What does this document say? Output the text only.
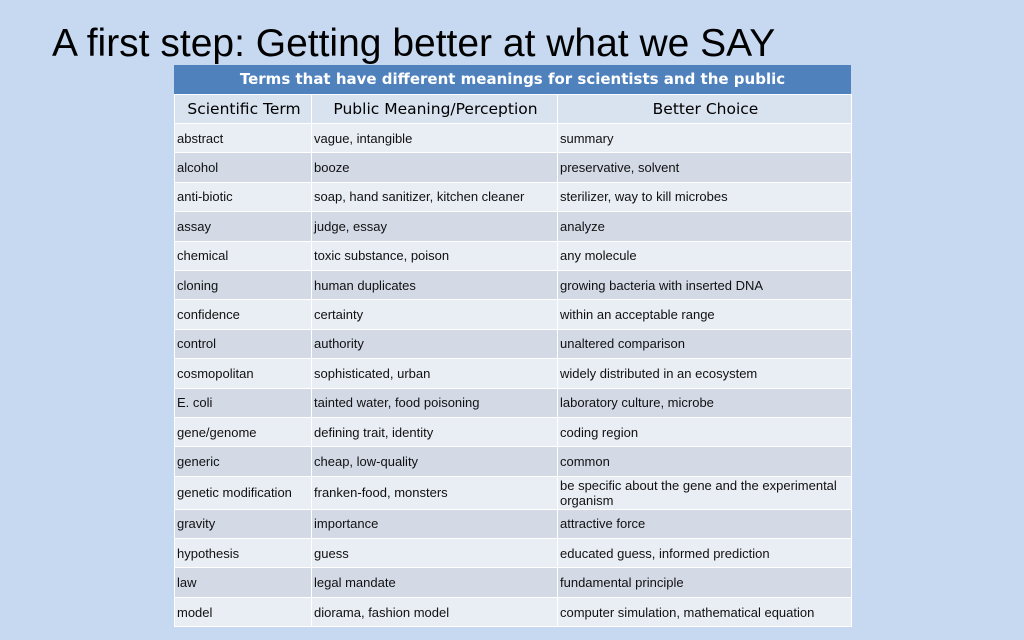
A first step: Getting better at what we SAY
Terms that have different meanings for scientists and the public
Scientific Term	Public Meaning/Perception	Better Choice
abstract	vague, intangible	summary
alcohol	booze	preservative, solvent
anti-biotic	soap, hand sanitizer, kitchen cleaner	sterilizer, way to kill microbes
assay	judge, essay	analyze
chemical	toxic substance, poison	any molecule
cloning	human duplicates	growing bacteria with inserted DNA
confidence	certainty	within an acceptable range
control	authority	unaltered comparison
cosmopolitan	sophisticated, urban	widely distributed in an ecosystem
E. coli	tainted water, food poisoning	laboratory culture, microbe
gene/genome	defining trait, identity	coding region
generic	cheap, low-quality	common
genetic modification	franken-food, monsters	be specific about the gene and the experimental organism
gravity	importance	attractive force
hypothesis	guess	educated guess, informed prediction
law	legal mandate	fundamental principle
model	diorama, fashion model	computer simulation, mathematical equation
